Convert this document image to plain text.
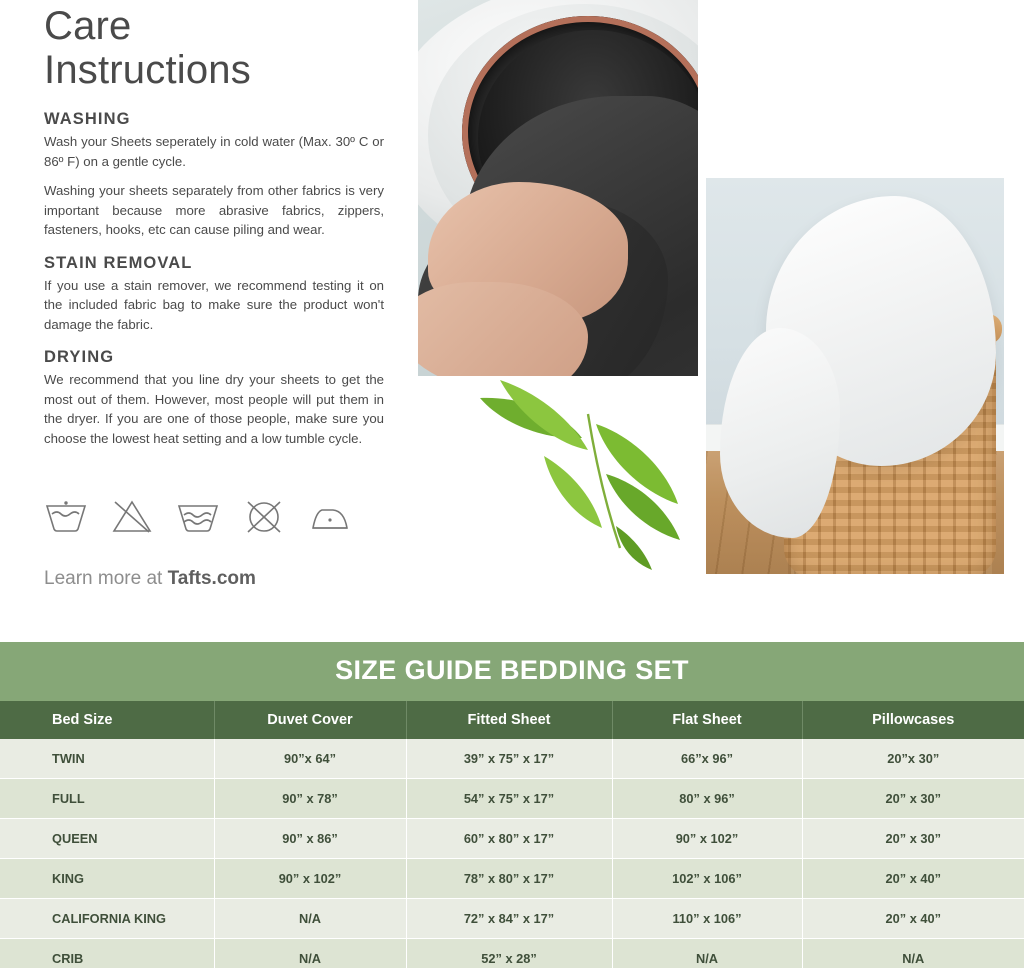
Care
Instructions
WASHING

Wash your Sheets seperately in cold water (Max. 30º C or 86º F) on a gentle cycle.

Washing your sheets separately from other fabrics is very important because more abrasive fabrics, zippers, fasteners, hooks, etc can cause piling and wear.

STAIN REMOVAL

If you use a stain remover, we recommend testing it on the included fabric bag to make sure the product won't damage the fabric.

DRYING

We recommend that you line dry your sheets to get the most out of them. However, most people will put them in the dryer. If you are one of those people, make sure you choose the lowest heat setting and a low tumble cycle.

Learn more at Tafts.com
SIZE GUIDE BEDDING SET
Bed Size	Duvet Cover	Fitted Sheet	Flat Sheet	Pillowcases
TWIN	90”x 64”	39” x 75” x 17”	66”x 96”	20”x 30”
FULL	90” x 78”	54” x 75” x 17”	80” x 96”	20” x 30”
QUEEN	90” x 86”	60” x 80” x 17”	90” x 102”	20” x 30”
KING	90” x 102”	78” x 80” x 17”	102” x 106”	20” x 40”
CALIFORNIA KING	N/A	72” x 84” x 17”	110” x 106”	20” x 40”
CRIB	N/A	52” x 28”	N/A	N/A
